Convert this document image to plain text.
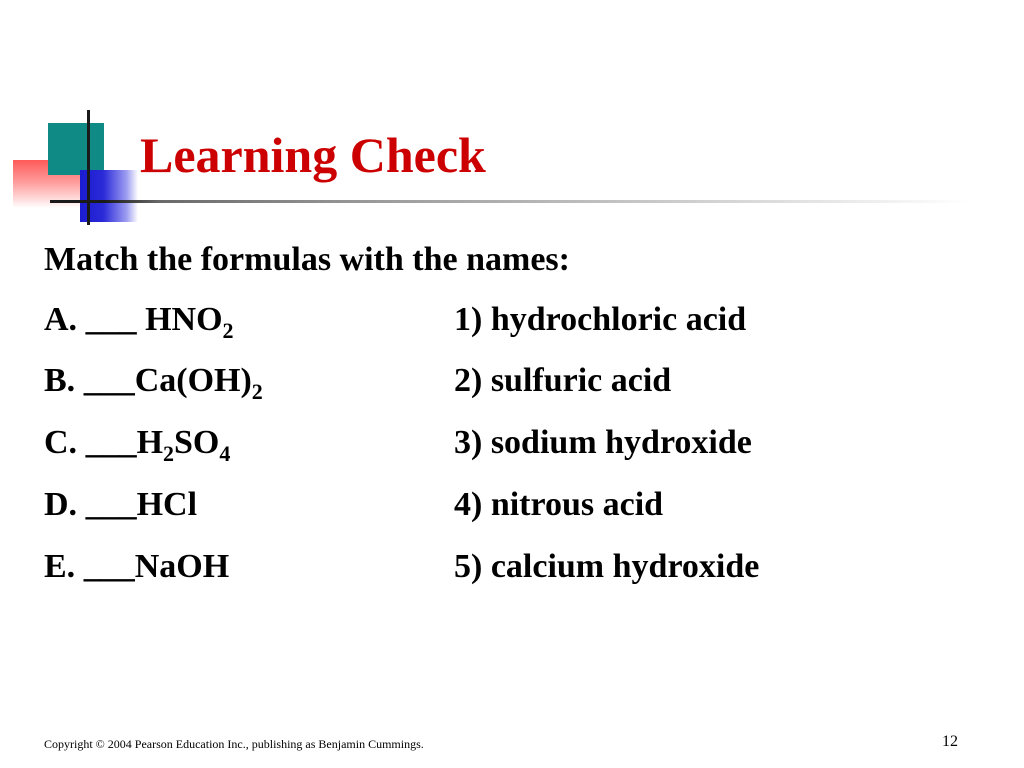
Learning Check
Match the formulas with the names:
A. ___ $HNO_2$	1) hydrochloric acid
B. $\_\_\_Ca(OH)_2$	2) sulfuric acid
C. $\_\_\_H_2SO_4$	3) sodium hydroxide
D. ___HCl	4) nitrous acid
E. ___NaOH	5) calcium hydroxide
Copyright © 2004 Pearson Education Inc., publishing as Benjamin Cummings.	12
